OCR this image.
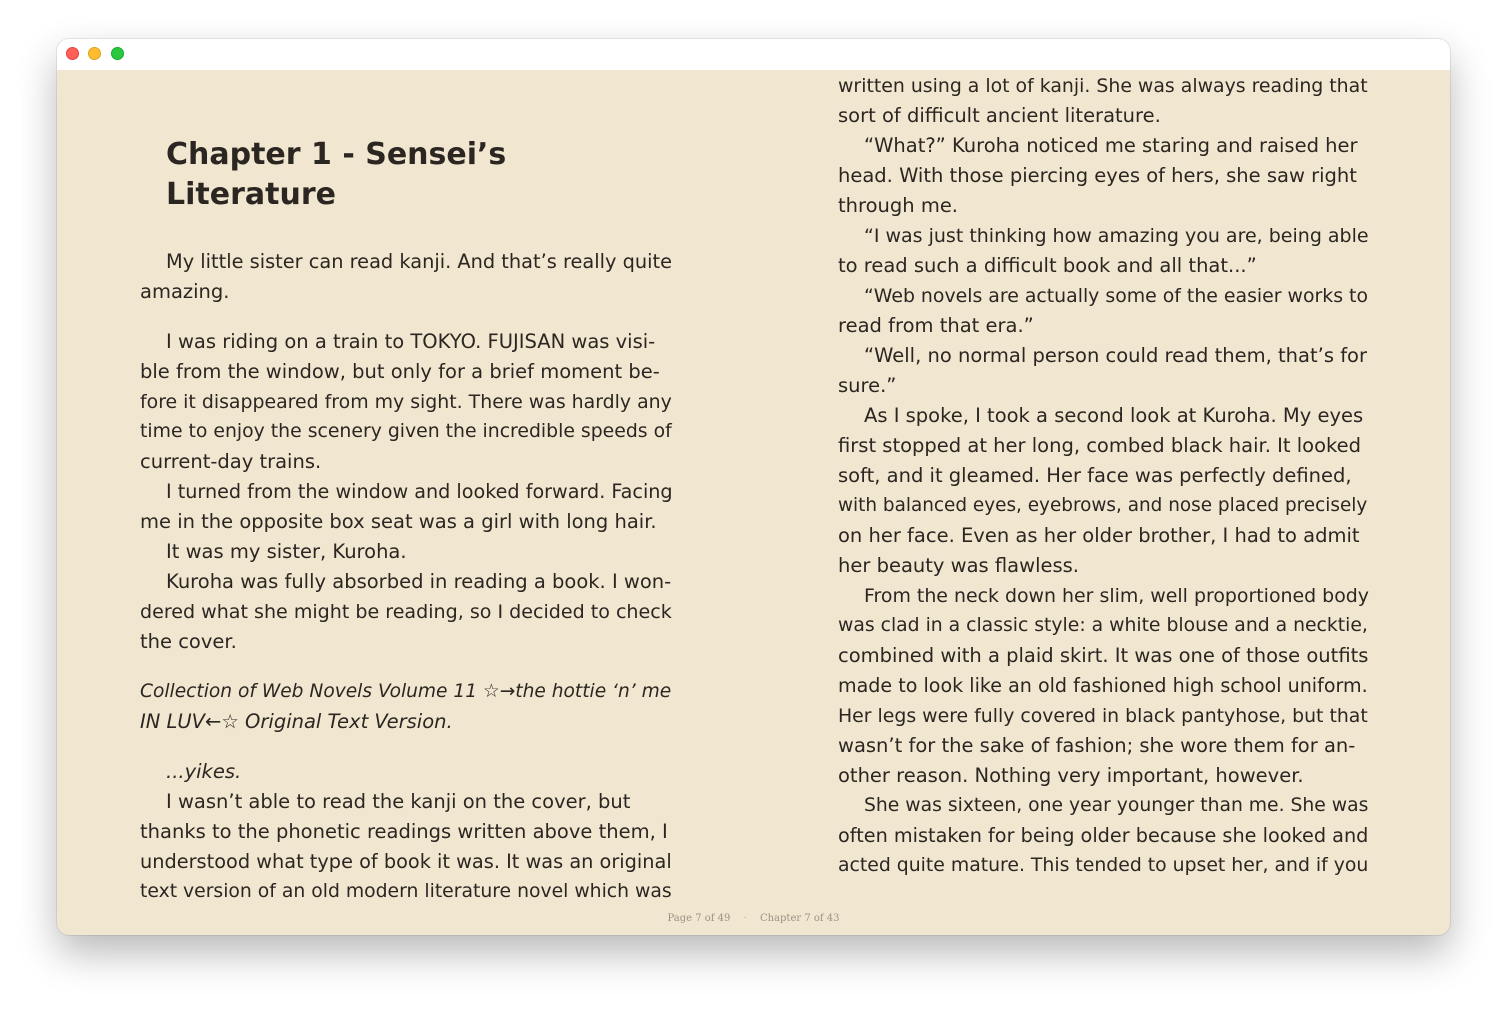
Chapter 1 - Sensei’s Literature
My little sister can read kanji. And that’s really quite
amazing.
I was riding on a train to TOKYO. FUJISAN was visi-
ble from the window, but only for a brief moment be-
fore it disappeared from my sight. There was hardly any
time to enjoy the scenery given the incredible speeds of
current-day trains.
I turned from the window and looked forward. Facing
me in the opposite box seat was a girl with long hair.
It was my sister, Kuroha.
Kuroha was fully absorbed in reading a book. I won-
dered what she might be reading, so I decided to check
the cover.
Collection of Web Novels Volume 11 ☆→the hottie ‘n’ me
IN LUV←☆ Original Text Version.
...yikes.
I wasn’t able to read the kanji on the cover, but
thanks to the phonetic readings written above them, I
understood what type of book it was. It was an original
text version of an old modern literature novel which was
written using a lot of kanji. She was always reading that
sort of difficult ancient literature.
“What?” Kuroha noticed me staring and raised her
head. With those piercing eyes of hers, she saw right
through me.
“I was just thinking how amazing you are, being able
to read such a difficult book and all that...”
“Web novels are actually some of the easier works to
read from that era.”
“Well, no normal person could read them, that’s for
sure.”
As I spoke, I took a second look at Kuroha. My eyes
first stopped at her long, combed black hair. It looked
soft, and it gleamed. Her face was perfectly defined,
with balanced eyes, eyebrows, and nose placed precisely
on her face. Even as her older brother, I had to admit
her beauty was flawless.
From the neck down her slim, well proportioned body
was clad in a classic style: a white blouse and a necktie,
combined with a plaid skirt. It was one of those outfits
made to look like an old fashioned high school uniform.
Her legs were fully covered in black pantyhose, but that
wasn’t for the sake of fashion; she wore them for an-
other reason. Nothing very important, however.
She was sixteen, one year younger than me. She was
often mistaken for being older because she looked and
acted quite mature. This tended to upset her, and if you
Page 7 of 49 · Chapter 7 of 43
